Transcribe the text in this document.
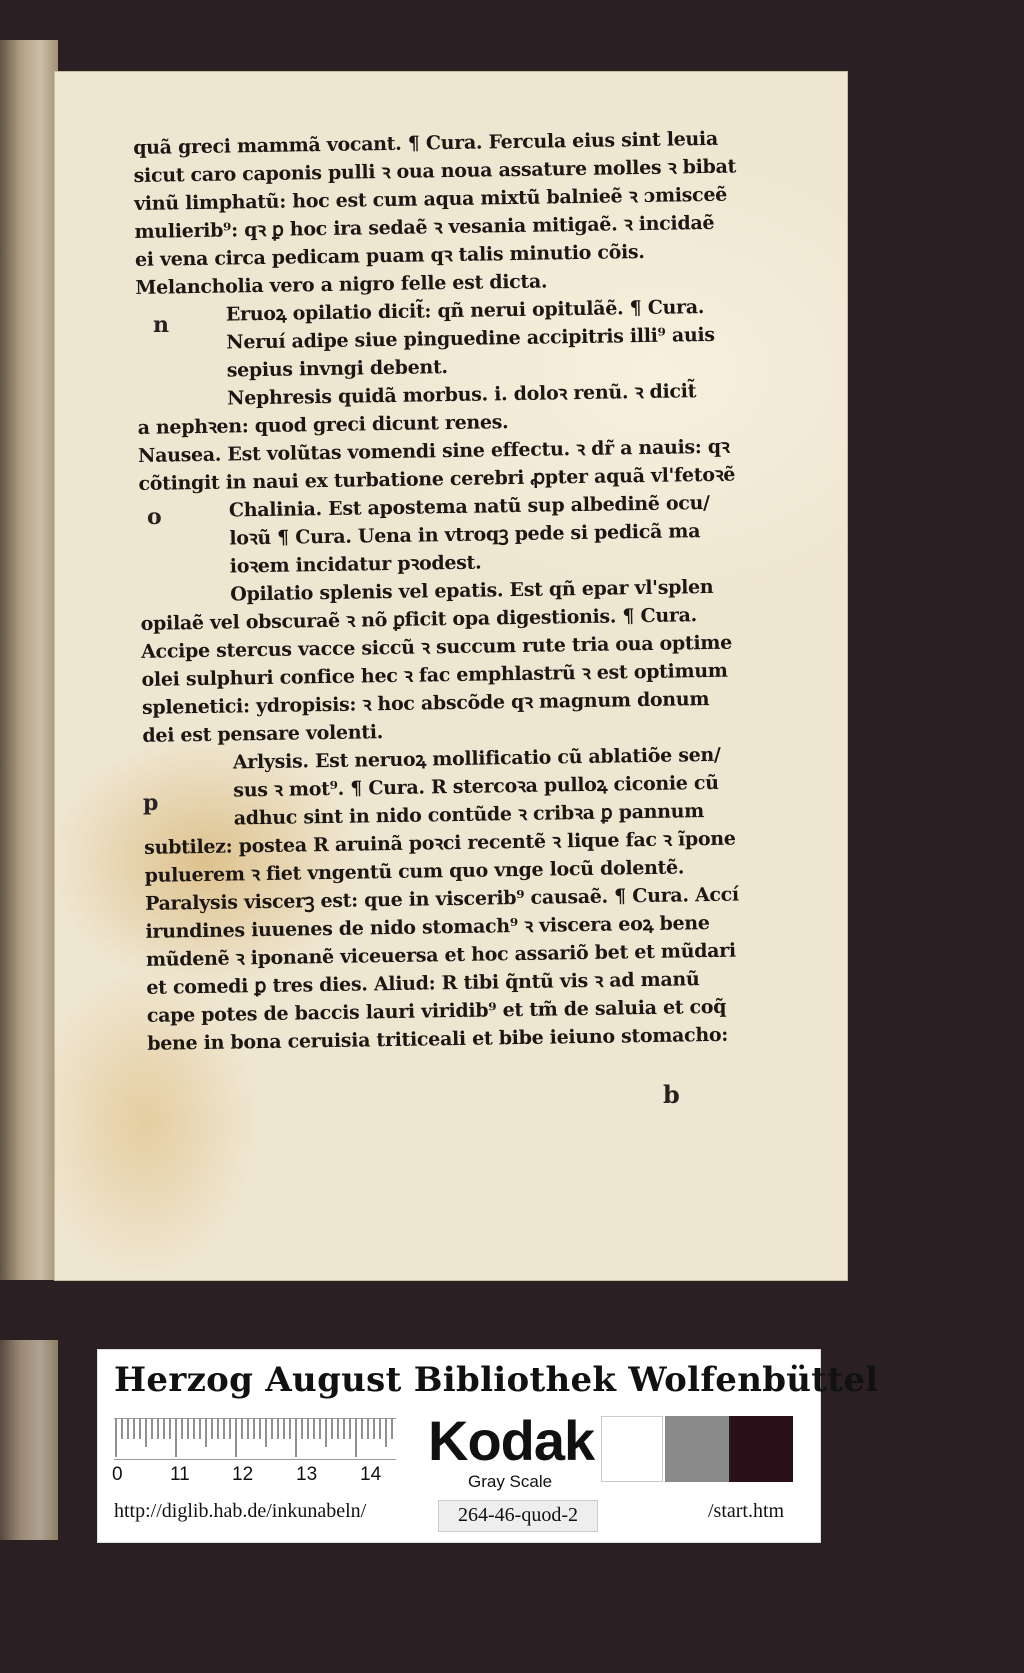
quã greci mammã vocant. ¶ Cura. Fercula eius sint leuia
sicut caro caponis pulli ꝛ oua noua assature molles ꝛ bibat
vinũ limphatũ: hoc est cum aqua mixtũ balnieẽ ꝛ ɔmisceẽ
mulierib⁹: qꝛ ꝑ hoc ira sedaẽ ꝛ vesania mitigaẽ. ꝛ incidaẽ
ei vena circa pedicam puam qꝛ talis minutio cõis.
Melancholia vero a nigro felle est dicta.
Eruoꝝ opilatio dicit̃: qñ nerui opitulãẽ. ¶ Cura.
Neruí adipe siue pinguedine accipitris illi⁹ auis
sepius invngi debent.
Nephresis quidã morbus. i. doloꝛ renũ. ꝛ dicit̃
a nephꝛen: quod greci dicunt renes.
Nausea. Est volũtas vomendi sine effectu. ꝛ dr̃ a nauis: qꝛ
cõtingit in naui ex turbatione cerebri ꝓpter aquã vl'fetoꝛẽ
Chalinia. Est apostema natũ sup albedinẽ ocu/
loꝛũ ¶ Cura. Uena in vtroqꝫ pede si pedicã ma
ioꝛem incidatur pꝛodest.
Opilatio splenis vel epatis. Est qñ epar vl'splen
opilaẽ vel obscuraẽ ꝛ nõ ꝑficit opa digestionis. ¶ Cura.
Accipe stercus vacce siccũ ꝛ succum rute tria oua optime
olei sulphuri confice hec ꝛ fac emphlastrũ ꝛ est optimum
splenetici: ydropisis: ꝛ hoc abscõde qꝛ magnum donum
dei est pensare volenti.
Arlysis. Est neruoꝝ mollificatio cũ ablatiõe sen/
sus ꝛ mot⁹. ¶ Cura. R stercoꝛa pulloꝝ ciconie cũ
adhuc sint in nido contũde ꝛ cribꝛa ꝑ pannum
subtilez: postea R aruinã poꝛci recentẽ ꝛ lique fac ꝛ ĩpone
puluerem ꝛ fiet vngentũ cum quo vnge locũ dolentẽ.
Paralysis viscerꝫ est: que in viscerib⁹ causaẽ. ¶ Cura. Accí
irundines iuuenes de nido stomach⁹ ꝛ viscera eoꝝ bene
mũdenẽ ꝛ iponanẽ viceuersa et hoc assariõ bet et mũdari
et comedi ꝑ tres dies. Aliud: R tibi q̃ntũ vis ꝛ ad manũ
cape potes de baccis lauri viridib⁹ et tm̃ de saluia et coq̃
bene in bona ceruisia triticeali et bibe ieiuno stomacho:
n
o
p
b
Herzog August Bibliothek Wolfenbüttel
0 11 12 13 14
Kodak
Gray Scale
http://diglib.hab.de/inkunabeln/	264-46-quod-2	/start.htm
